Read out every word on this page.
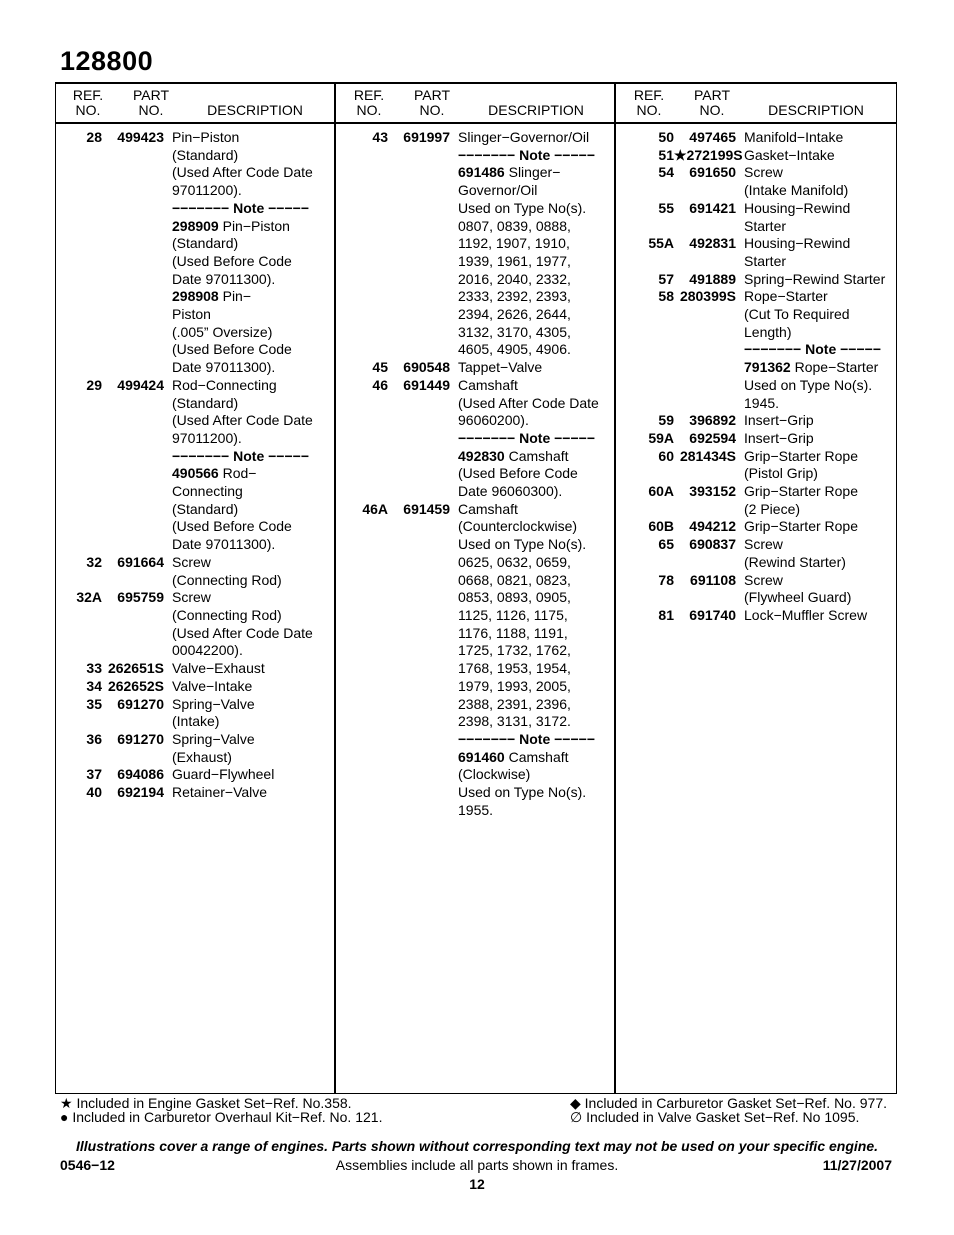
128800
REF.
NO.
PART
NO.	DESCRIPTION
REF.
NO.
PART
NO.	DESCRIPTION
REF.
NO.
PART
NO.	DESCRIPTION
28	499423 Pin−Piston
(Standard)
(Used After Code Date
97011200).
−−−−−−− Note −−−−−
298909 Pin−Piston
(Standard)
(Used Before Code
Date 97011300).
298908 Pin−
Piston
(.005” Oversize)
(Used Before Code
Date 97011300).
29	499424 Rod−Connecting
(Standard)
(Used After Code Date
97011200).
−−−−−−− Note −−−−−
490566 Rod−
Connecting
(Standard)
(Used Before Code
Date 97011300).
32	691664 Screw
(Connecting Rod)
32A	695759 Screw
(Connecting Rod)
(Used After Code Date
00042200).
33 262651S Valve−Exhaust
34 262652S Valve−Intake
35	691270 Spring−Valve
(Intake)
36	691270 Spring−Valve
(Exhaust)
37	694086 Guard−Flywheel
40	692194 Retainer−Valve
43	691997 Slinger−Governor/Oil
−−−−−−− Note −−−−−
691486 Slinger−
Governor/Oil
Used on Type No(s).
0807, 0839, 0888,
1192, 1907, 1910,
1939, 1961, 1977,
2016, 2040, 2332,
2333, 2392, 2393,
2394, 2626, 2644,
3132, 3170, 4305,
4605, 4905, 4906.
45	690548 Tappet−Valve
46	691449 Camshaft
(Used After Code Date
96060200).
−−−−−−− Note −−−−−
492830 Camshaft
(Used Before Code
Date 96060300).
46A	691459 Camshaft
(Counterclockwise)
Used on Type No(s).
0625, 0632, 0659,
0668, 0821, 0823,
0853, 0893, 0905,
1125, 1126, 1175,
1176, 1188, 1191,
1725, 1732, 1762,
1768, 1953, 1954,
1979, 1993, 2005,
2388, 2391, 2396,
2398, 3131, 3172.
−−−−−−− Note −−−−−
691460 Camshaft
(Clockwise)
Used on Type No(s).
1955.
50	497465 Manifold−Intake
51 ★272199S Gasket−Intake
54	691650 Screw
(Intake Manifold)
55	691421 Housing−Rewind
Starter
55A	492831 Housing−Rewind
Starter
57	491889 Spring−Rewind Starter
58 280399S Rope−Starter
(Cut To Required
Length)
−−−−−−− Note −−−−−
791362 Rope−Starter
Used on Type No(s).
1945.
59	396892 Insert−Grip
59A	692594 Insert−Grip
60 281434S Grip−Starter Rope
(Pistol Grip)
60A	393152 Grip−Starter Rope
(2 Piece)
60B	494212 Grip−Starter Rope
65	690837 Screw
(Rewind Starter)
78	691108 Screw
(Flywheel Guard)
81	691740 Lock−Muffler Screw
★ Included in Engine Gasket Set−Ref. No.358.
● Included in Carburetor Overhaul Kit−Ref. No. 121.
◆ Included in Carburetor Gasket Set−Ref. No. 977.
∅ Included in Valve Gasket Set−Ref. No 1095.
Illustrations cover a range of engines. Parts shown without corresponding text may not be used on your specific engine.
0546−12	Assemblies include all parts shown in frames.	11/27/2007
12
